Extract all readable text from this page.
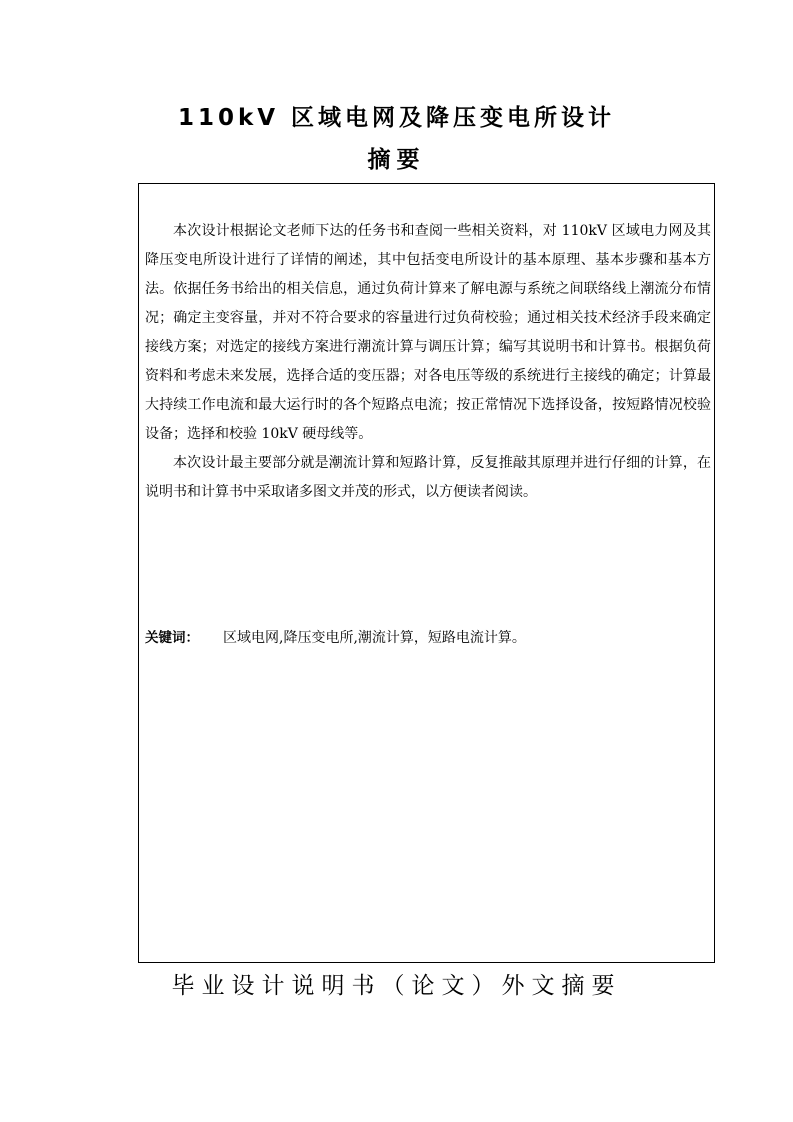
110kV 区域电网及降压变电所设计
摘要

本次设计根据论文老师下达的任务书和查阅一些相关资料，对 110kV 区域电力网及其降压变电所设计进行了详情的阐述，其中包括变电所设计的基本原理、基本步骤和基本方法。依据任务书给出的相关信息，通过负荷计算来了解电源与系统之间联络线上潮流分布情况；确定主变容量，并对不符合要求的容量进行过负荷校验；通过相关技术经济手段来确定接线方案；对选定的接线方案进行潮流计算与调压计算；编写其说明书和计算书。根据负荷资料和考虑未来发展，选择合适的变压器；对各电压等级的系统进行主接线的确定；计算最大持续工作电流和最大运行时的各个短路点电流；按正常情况下选择设备，按短路情况校验设备；选择和校验 10kV 硬母线等。

本次设计最主要部分就是潮流计算和短路计算，反复推敲其原理并进行仔细的计算，在说明书和计算书中采取诸多图文并茂的形式，以方便读者阅读。

关键词： 区域电网,降压变电所,潮流计算，短路电流计算。
毕业设计说明书（论文）外文摘要
